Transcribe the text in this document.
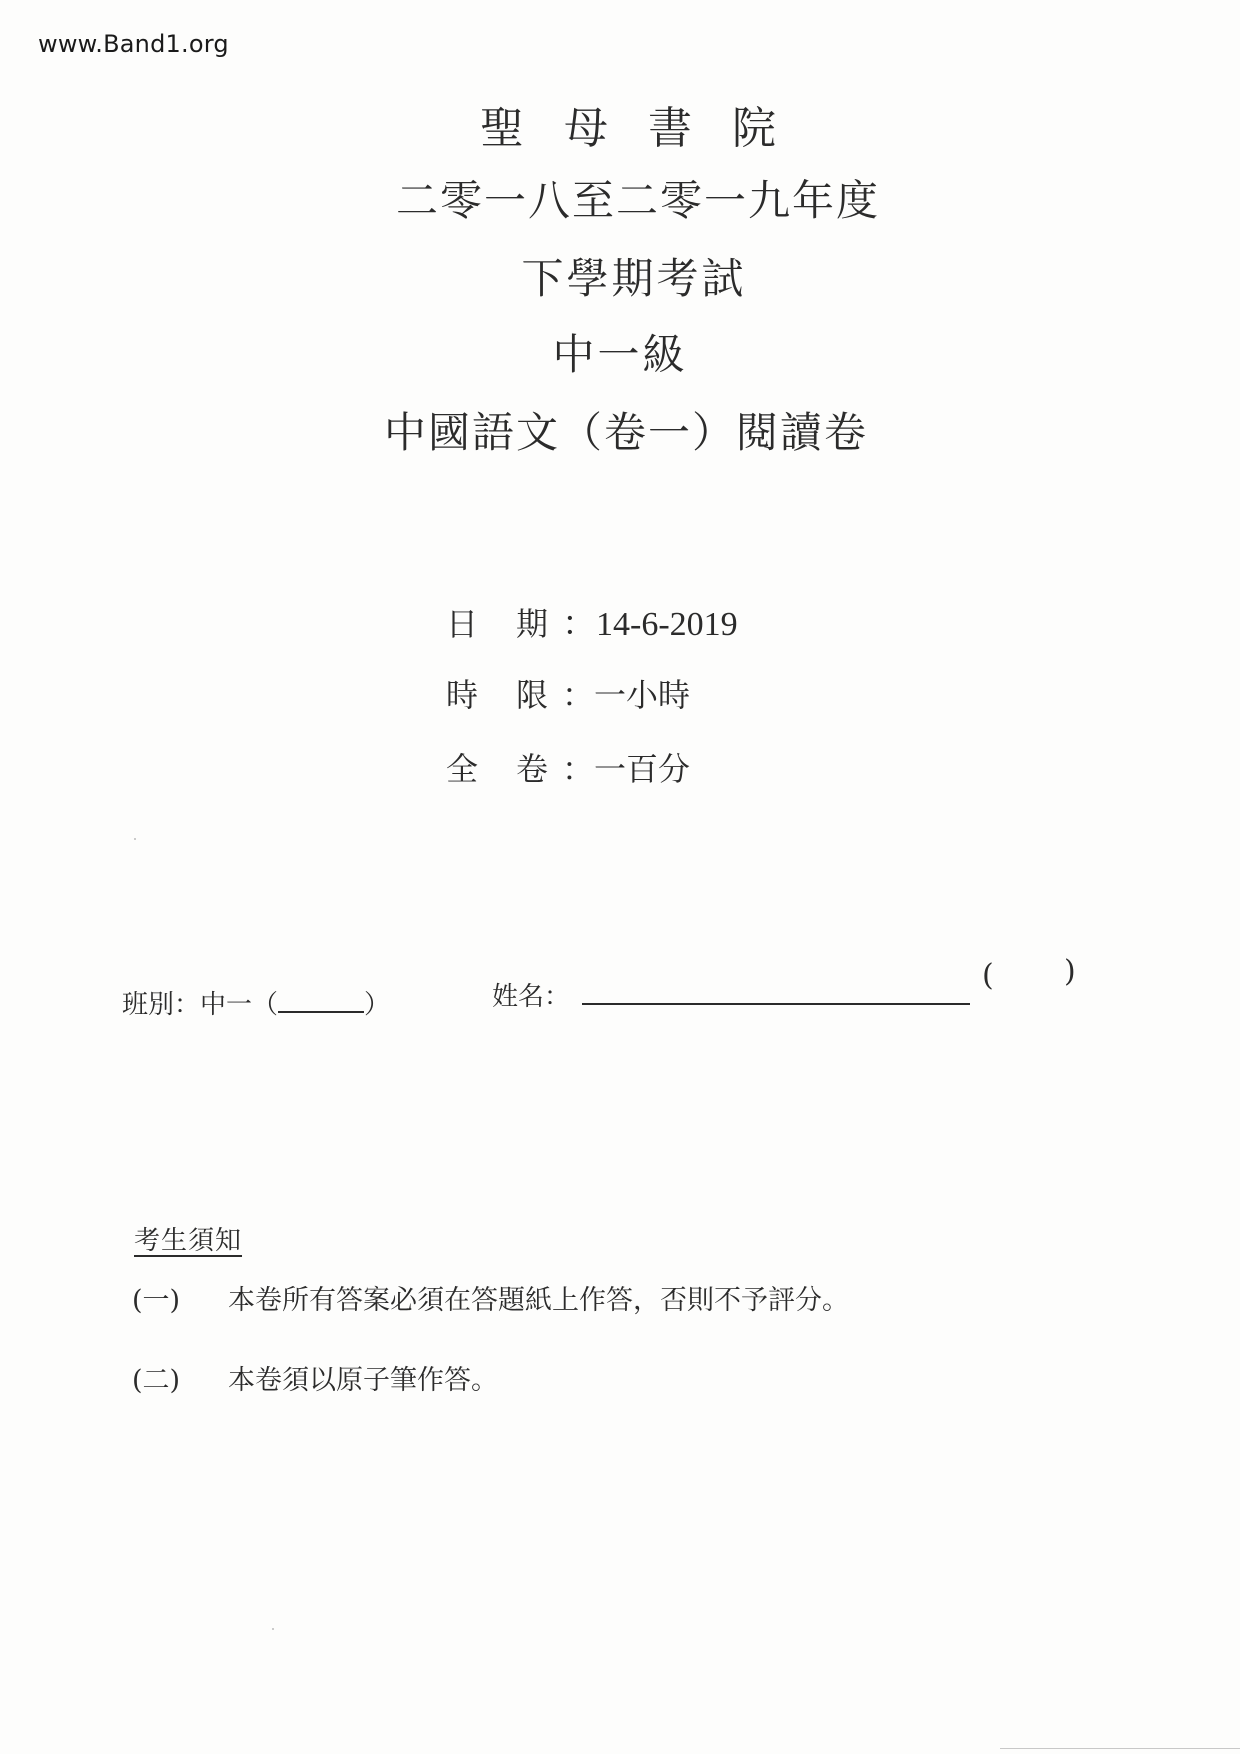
www.Band1.org
聖母書院
二零一八至二零一九年度
下學期考試
中一級
中國語文（卷一）閱讀卷
日 期 ：14-6-2019
時 限 ：一小時
全 卷 ：一百分
班別：中一（	）	姓名：
( )
考生須知
(一) 本卷所有答案必須在答題紙上作答，否則不予評分。
(二) 本卷須以原子筆作答。
